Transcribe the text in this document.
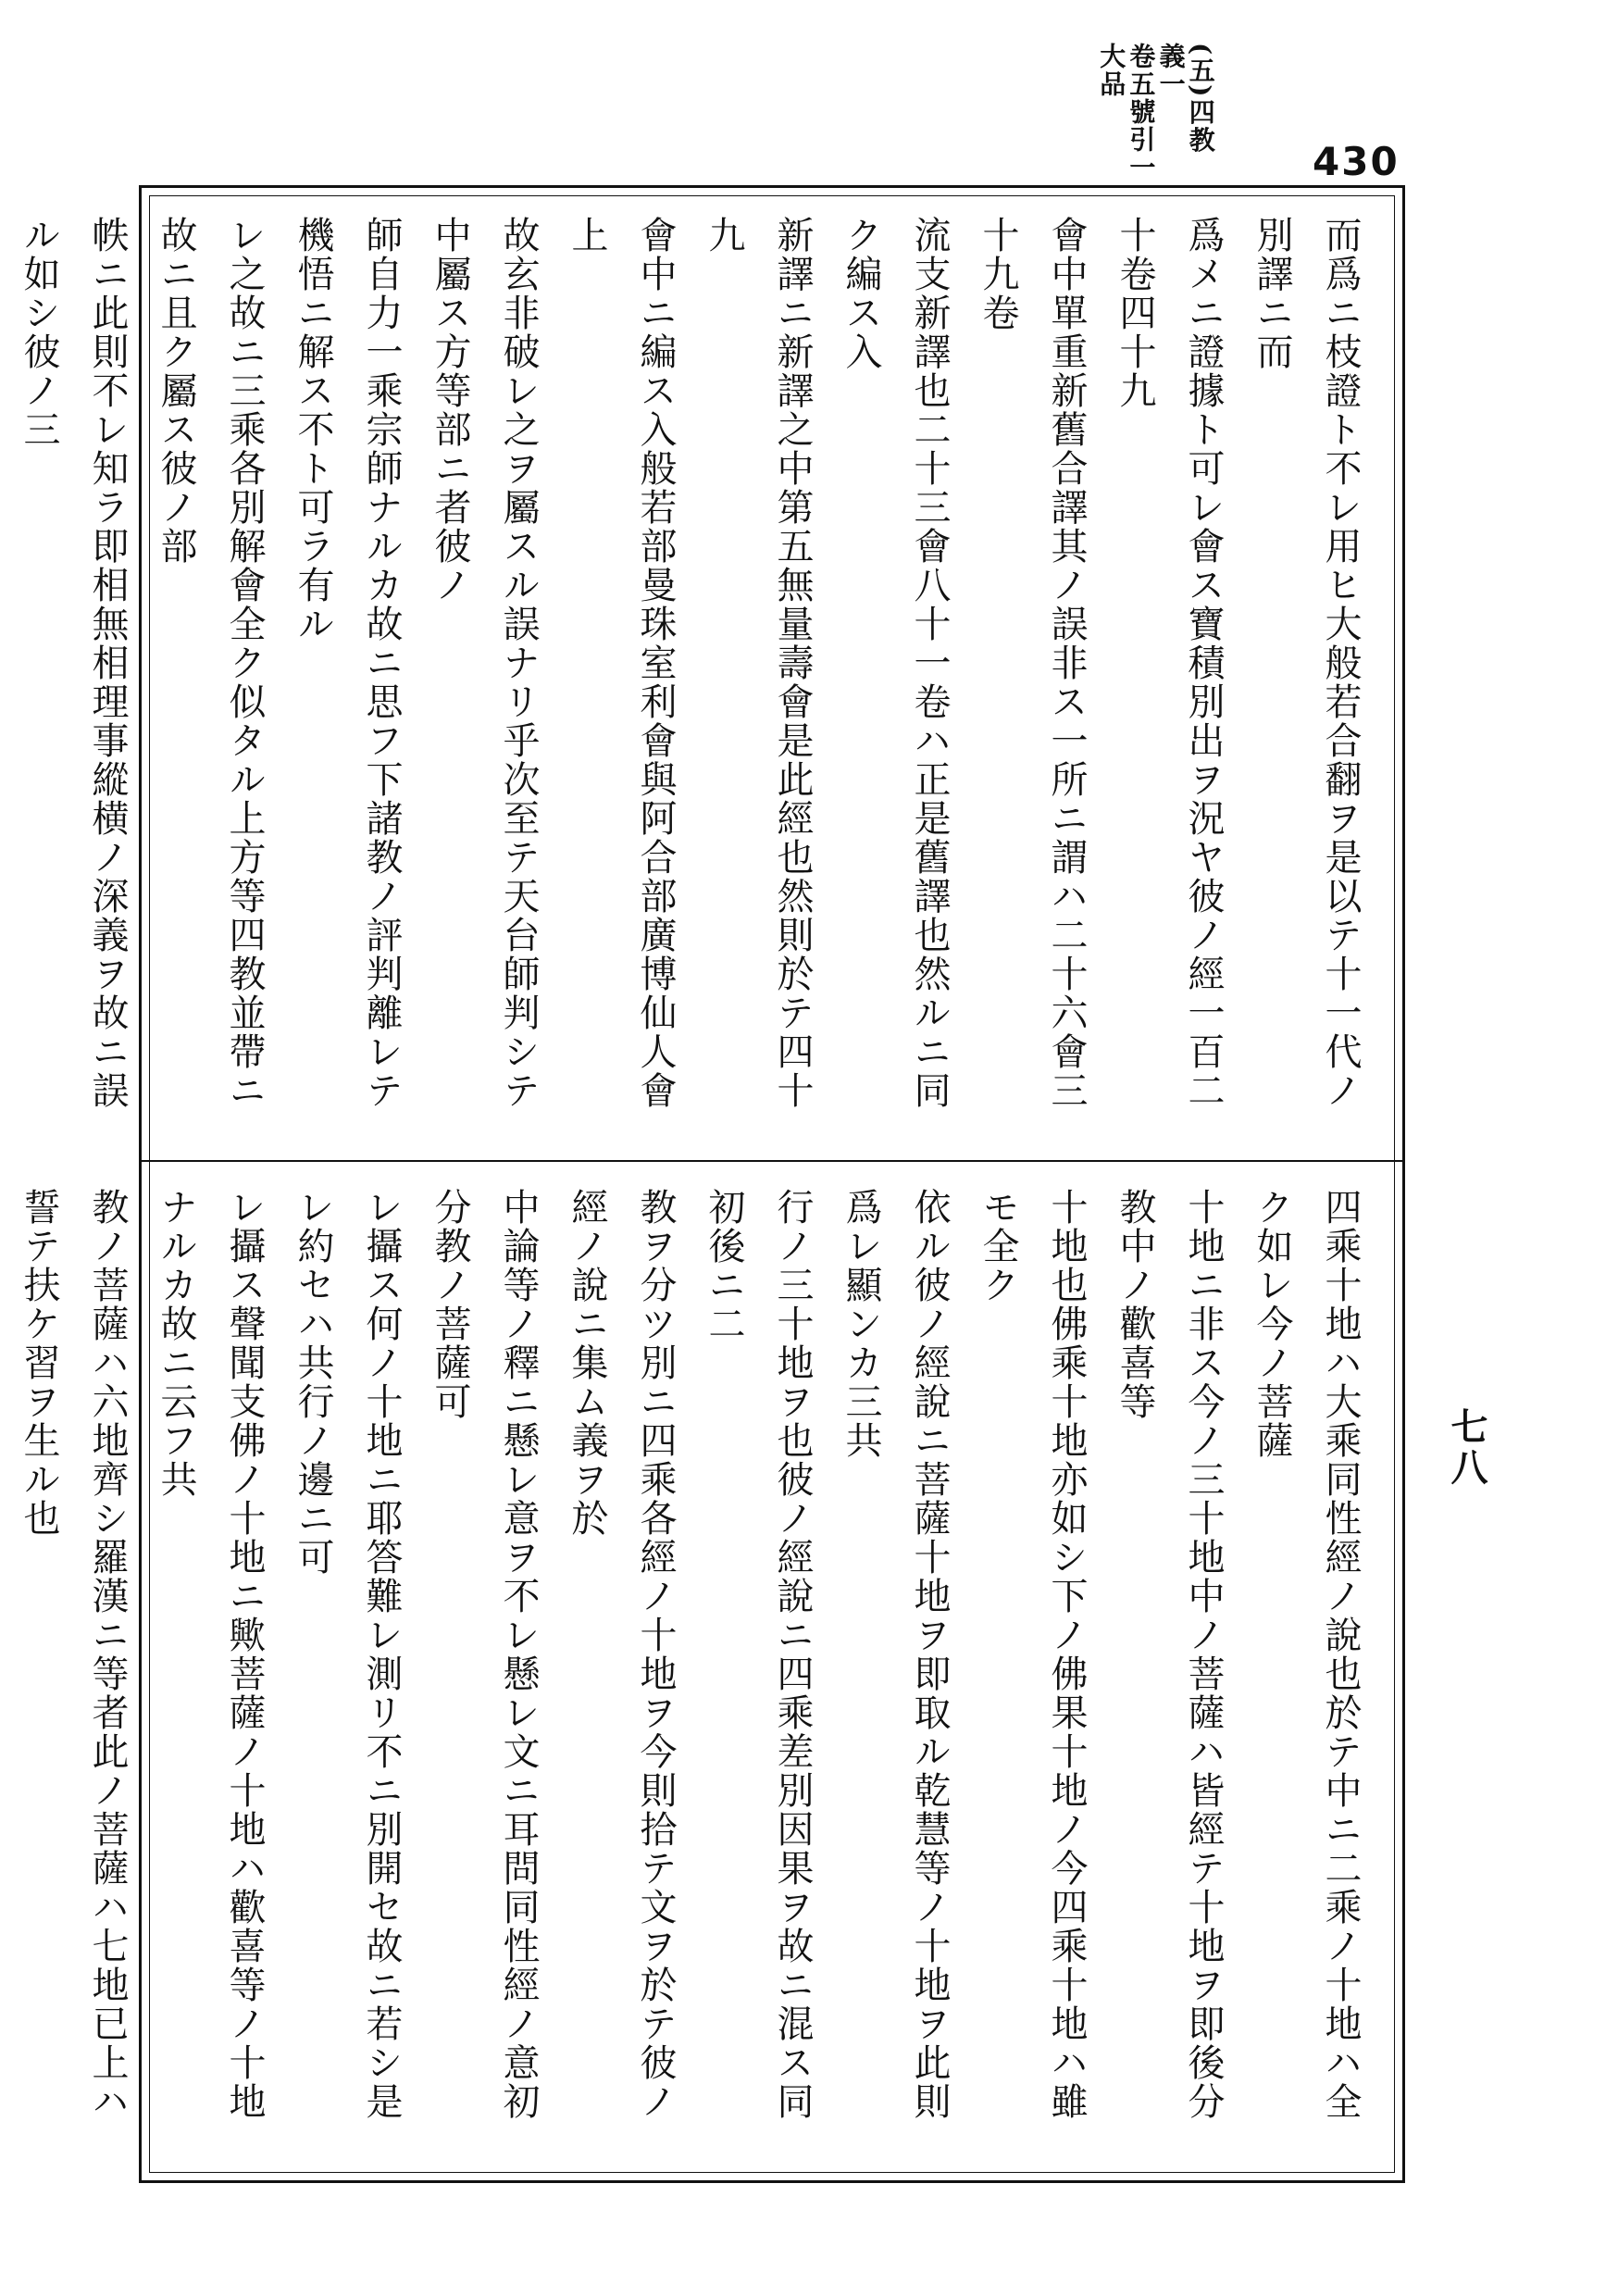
(五)四教義一
卷五號引一
大品
430

而爲ニ枝證ト不レ用ヒ大般若合翻ヲ是以テ十一代ノ別譯ニ而

爲メニ證據ト可レ會ス寶積別出ヲ況ヤ彼ノ經一百二十卷四十九

會中單重新舊合譯其ノ誤非ス一所ニ謂ハ二十六會三十九卷

流支新譯也二十三會八十一卷ハ正是舊譯也然ルニ同ク編ス入

新譯ニ新譯之中第五無量壽會是此經也然則於テ四十九

會中ニ編ス入般若部曼珠室利會與阿合部廣博仙人會上

故玄非破レ之ヲ屬スル誤ナリ乎次至テ天台師判シテ中屬ス方等部ニ者彼ノ

師自力一乘宗師ナルカ故ニ思フ下諸教ノ評判離レテ機悟ニ解ス不ト可ラ有ル

レ之故ニ三乘各別解會全ク似タル上方等四教並帶ニ故ニ且ク屬ス彼ノ部

帙ニ此則不レ知ラ即相無相理事縱横ノ深義ヲ故ニ誤ル如シ彼ノ三

四乘十地ハ大乘同性經ノ說也於テ中ニ二乘ノ十地ハ全ク如レ今ノ菩薩

十地ニ非ス今ノ三十地中ノ菩薩ハ皆經テ十地ヲ即後分教中ノ歡喜等

十地也佛乘十地亦如シ下ノ佛果十地ノ今四乘十地ハ雖モ全ク

依ル彼ノ經說ニ菩薩十地ヲ即取ル乾慧等ノ十地ヲ此則爲レ顯ンカ三共

行ノ三十地ヲ也彼ノ經說ニ四乘差別因果ヲ故ニ混ス同初後ニ二

教ヲ分ツ別ニ四乘各經ノ十地ヲ今則拾テ文ヲ於テ彼ノ經ノ說ニ集ム義ヲ於

中論等ノ釋ニ懸レ意ヲ不レ懸レ文ニ耳問同性經ノ意初分教ノ菩薩可

レ攝ス何ノ十地ニ耶答難レ測リ不ニ別開セ故ニ若シ是レ約セハ共行ノ邊ニ可

レ攝ス聲聞支佛ノ十地ニ歟菩薩ノ十地ハ歡喜等ノ十地ナルカ故ニ云フ共

教ノ菩薩ハ六地齊シ羅漢ニ等者此ノ菩薩ハ七地已上ハ誓テ扶ケ習ヲ生ル也	七八
